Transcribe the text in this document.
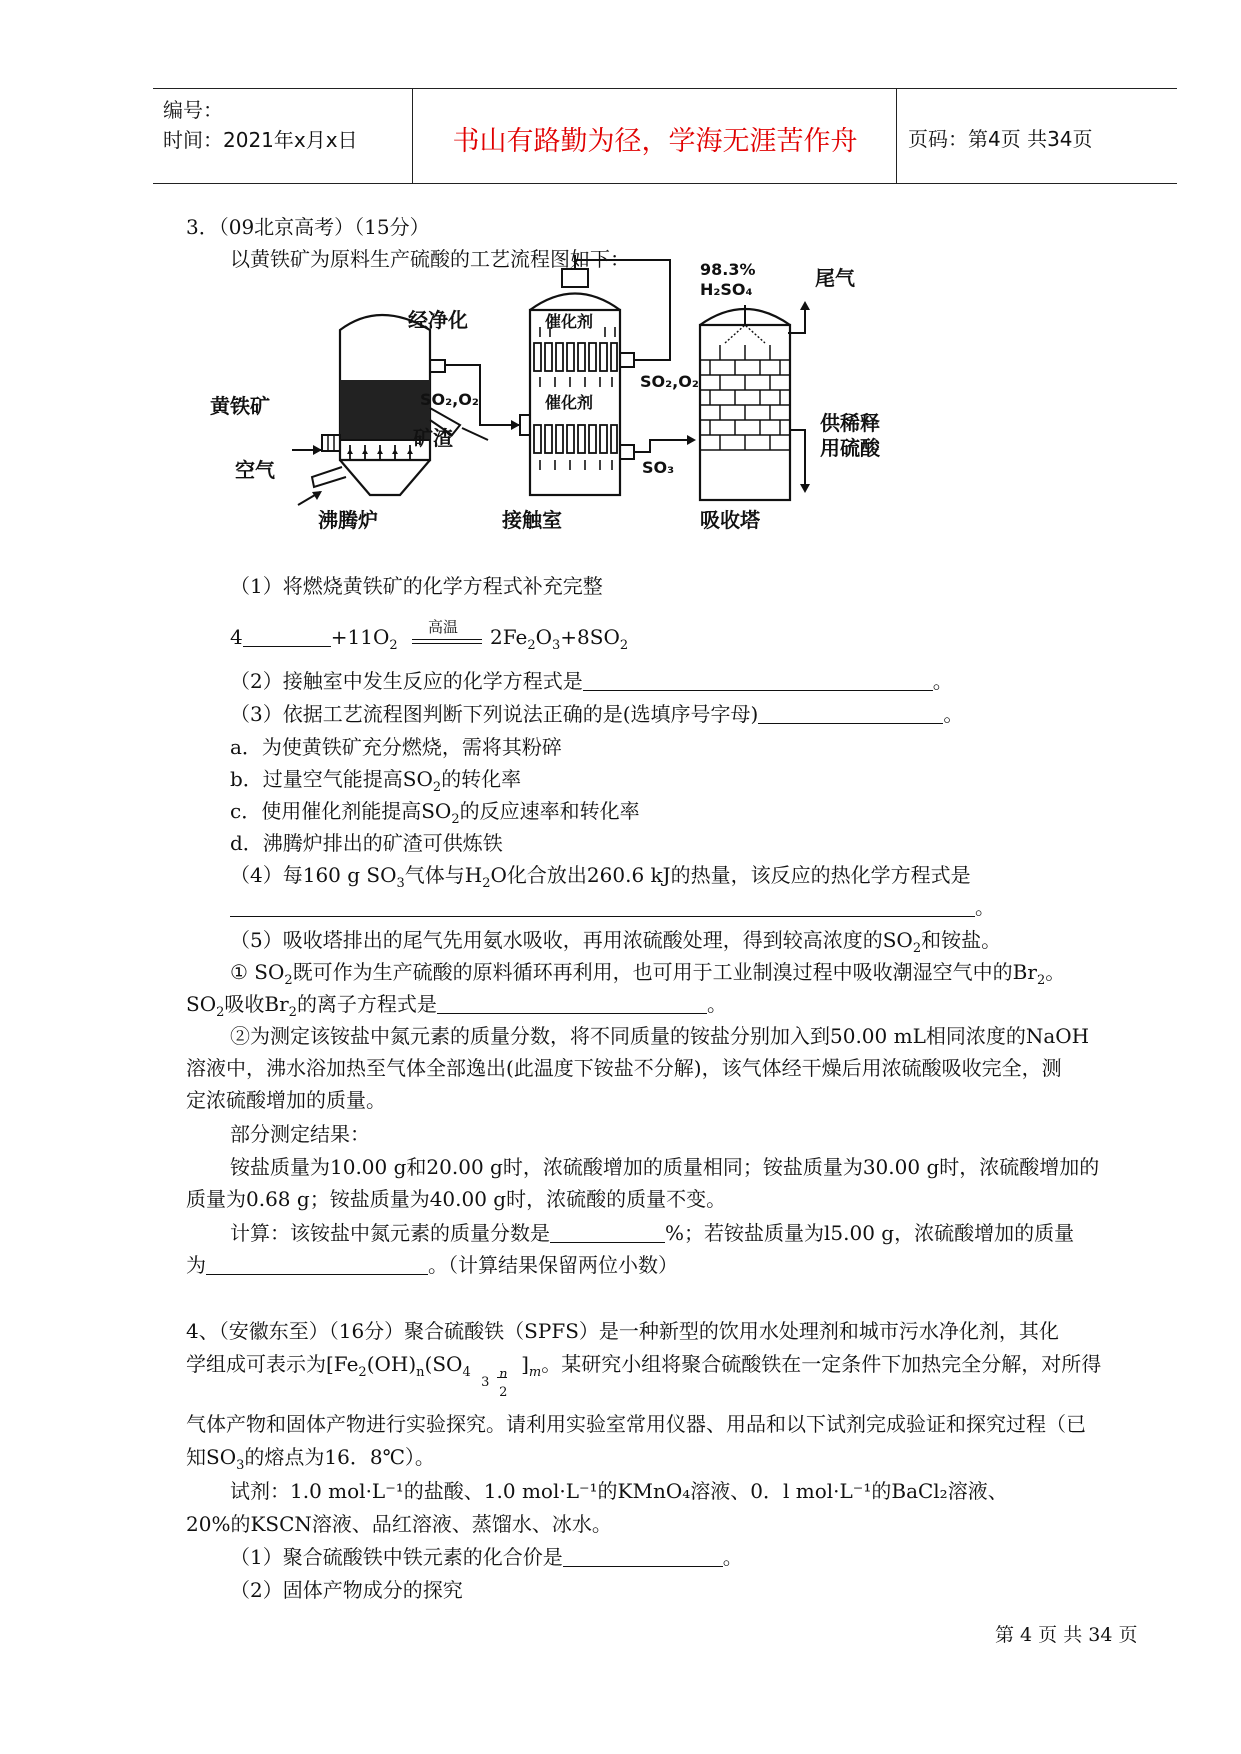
编号：
时间：2021年x月x日	书山有路勤为径，学海无涯苦作舟	页码：第4页 共34页
3．（09北京高考）（15分）
以黄铁矿为原料生产硫酸的工艺流程图如下：
黄铁矿
空气
沸腾炉
矿渣
经净化
SO₂,O₂
催化剂
催化剂
SO₂,O₂
SO₃
接触室
98.3%
H₂SO₄	尾气
供稀释
用硫酸
吸收塔
（1）将燃烧黄铁矿的化学方程式补充完整
4	$+11O_2$
高温 $2Fe_2O_3+8SO_2$
（2）接触室中发生反应的化学方程式是	。
（3）依据工艺流程图判断下列说法正确的是(选填序号字母)	。
a．为使黄铁矿充分燃烧，需将其粉碎
b．过量空气能提高$SO_2$的转化率
c．使用催化剂能提高$SO_2$的反应速率和转化率
d．沸腾炉排出的矿渣可供炼铁
（4）每160 g $SO_3$气体与$H_2O$化合放出260.6 kJ的热量，该反应的热化学方程式是
。
（5）吸收塔排出的尾气先用氨水吸收，再用浓硫酸处理，得到较高浓度的$SO_2$和铵盐。
① $SO_2$既可作为生产硫酸的原料循环再利用，也可用于工业制溴过程中吸收潮湿空气中的$Br_2$。
$SO_2$吸收$Br_2$的离子方程式是	。
②为测定该铵盐中氮元素的质量分数，将不同质量的铵盐分别加入到50.00 mL相同浓度的NaOH
溶液中，沸水浴加热至气体全部逸出(此温度下铵盐不分解)，该气体经干燥后用浓硫酸吸收完全，测
定浓硫酸增加的质量。
部分测定结果：
铵盐质量为10.00 g和20.00 g时，浓硫酸增加的质量相同；铵盐质量为30.00 g时，浓硫酸增加的
质量为0.68 g；铵盐质量为40.00 g时，浓硫酸的质量不变。
计算：该铵盐中氮元素的质量分数是	%；若铵盐质量为l5.00 g，浓硫酸增加的质量
为	。（计算结果保留两位小数）
4、（安徽东至）（16分）聚合硫酸铁（SPFS）是一种新型的饮用水处理剂和城市污水净化剂，其化
学组成可表示为[$Fe_2(OH)_n(SO_4$
3
n
2
]$_m$。某研究小组将聚合硫酸铁在一定条件下加热完全分解，对所得
气体产物和固体产物进行实验探究。请利用实验室常用仪器、用品和以下试剂完成验证和探究过程（已
知$SO_3$的熔点为16．8℃）。
试剂：1.0 mol·L⁻¹的盐酸、1.0 mol·L⁻¹的KMnO₄溶液、0．l mol·L⁻¹的BaCl₂溶液、
20%的KSCN溶液、品红溶液、蒸馏水、冰水。
（1）聚合硫酸铁中铁元素的化合价是	。
（2）固体产物成分的探究
第 4 页 共 34 页
